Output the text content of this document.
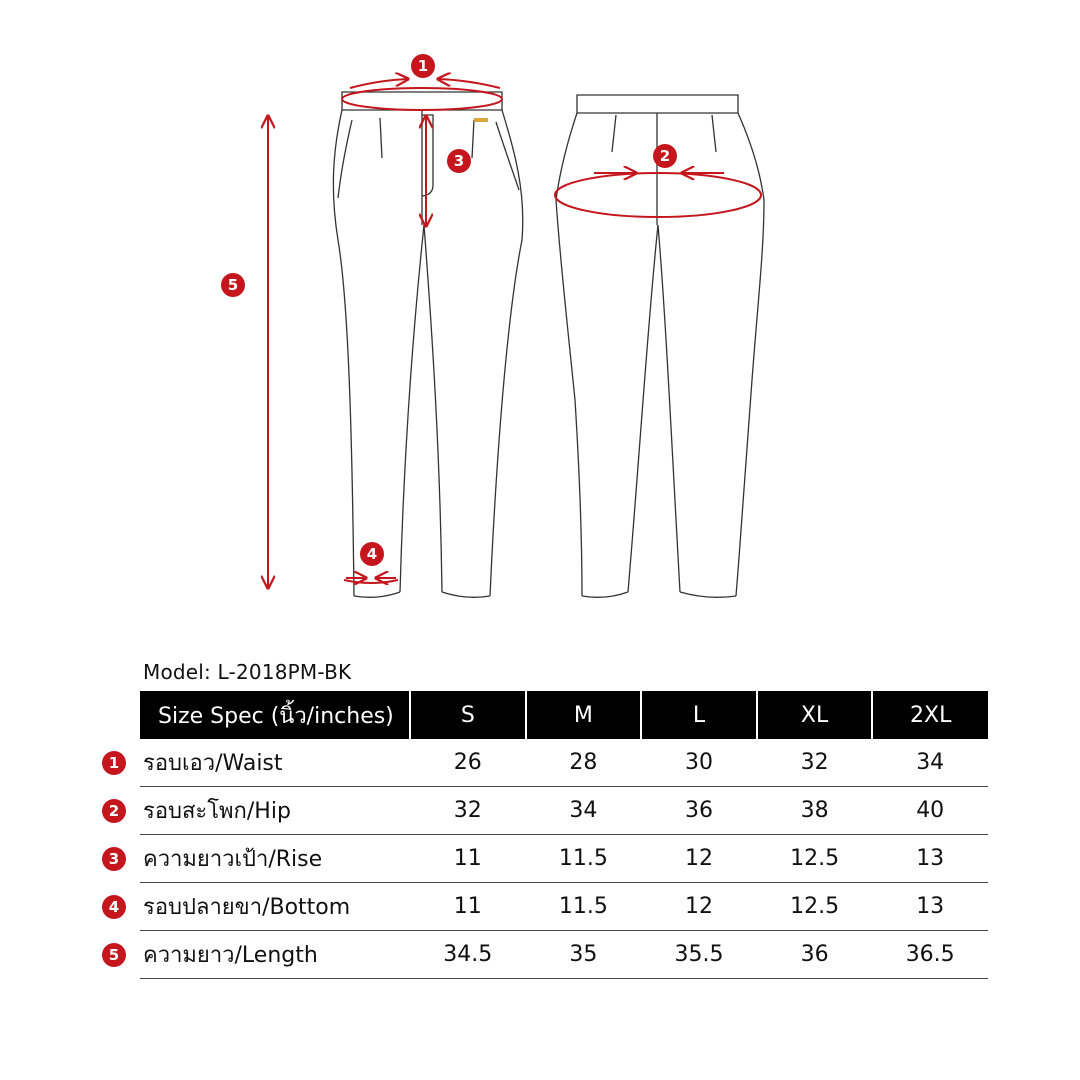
1
2
3
4
5
Model: L-2018PM-BK
Size Spec (นิ้ว/inches)	S	M	L	XL	2XL

1 รอบเอว/Waist	26	28	30	32	34

2 รอบสะโพก/Hip	32	34	36	38	40

3 ความยาวเป้า/Rise	11	11.5	12	12.5	13

4 รอบปลายขา/Bottom	11	11.5	12	12.5	13

5 ความยาว/Length	34.5	35	35.5	36	36.5
